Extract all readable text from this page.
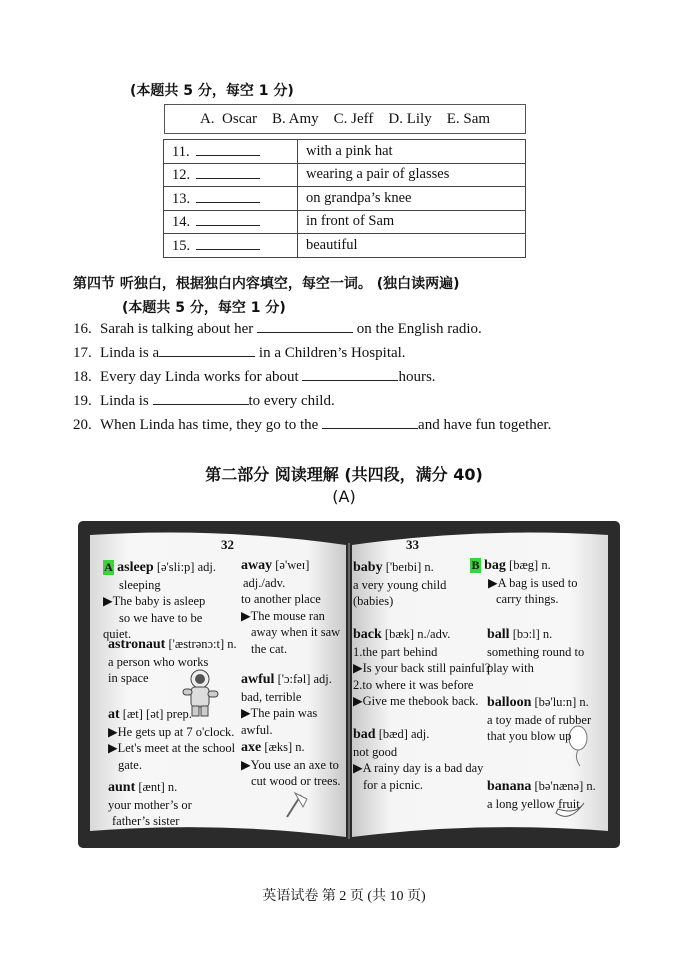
(本题共 5 分，每空 1 分)
A.  Oscar    B. Amy    C. Jeff    D. Lily    E. Sam
11.	with a pink hat
12.	wearing a pair of glasses
13.	on grandpa’s knee
14.	in front of Sam
15.	beautiful
第四节 听独白，根据独白内容填空，每空一词。 (独白读两遍)
(本题共 5 分，每空 1 分)
16. Sarah is talking about her	on the English radio.
17. Linda is a	in a Children’s Hospital.
18. Every day Linda works for about	hours.
19. Linda is	to every child.
20. When Linda has time, they go to the	and have fun together.
第二部分 阅读理解 (共四段，满分 40)
(A)
32	33
A asleep [ə'sli:p] adj.
sleeping
▶The baby is asleep
so we have to be quiet.
astronaut ['æstrənɔ:t] n.
a person who works
in space
at [æt] [ət] prep.
▶He gets up at 7 o'clock.
▶Let's meet at the school
gate.
aunt [ænt] n.
your mother’s or
father’s sister
away [ə'weɪ]
adj./adv.
to another place
▶The mouse ran
away when it saw
the cat.
awful ['ɔ:fəl] adj.
bad, terrible
▶The pain was awful.
axe [æks] n.
▶You use an axe to
cut wood or trees.
baby ['beɪbi] n.
a very young child
(babies)
back [bæk] n./adv.
1.the part behind
▶Is your back still painful?
2.to where it was before
▶Give me thebook back.
bad [bæd] adj.
not good
▶A rainy day is a bad day
for a picnic.
B bag [bæg] n.
▶A bag is used to
carry things.
ball [bɔ:l] n.
something round to
play with
balloon [bə'lu:n] n.
a toy made of rubber
that you blow up
banana [bə'nænə] n.
a long yellow fruit
英语试卷 第 2 页 (共 10 页)
